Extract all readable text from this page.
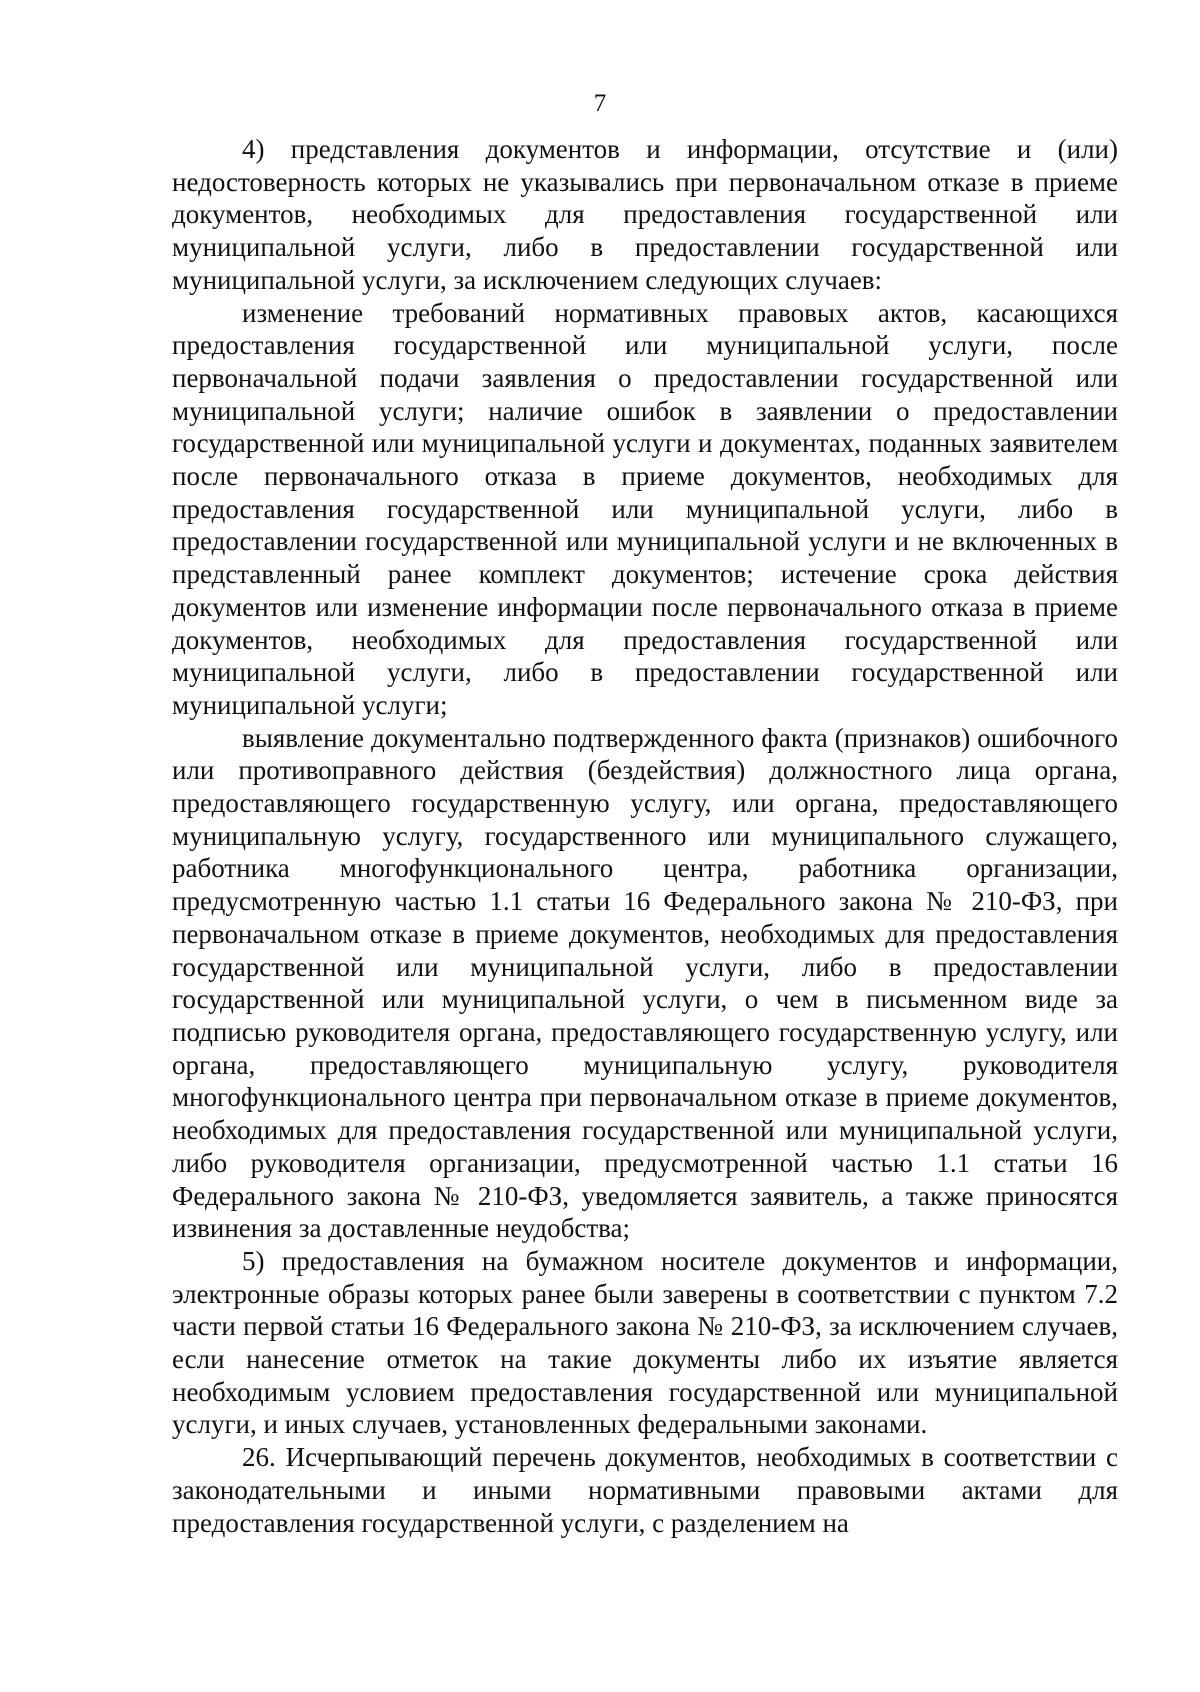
7

4) представления документов и информации, отсутствие и (или) недостоверность которых не указывались при первоначальном отказе в приеме документов, необходимых для предоставления государственной или муниципальной услуги, либо в предоставлении государственной или муниципальной услуги, за исключением следующих случаев:

изменение требований нормативных правовых актов, касающихся предоставления государственной или муниципальной услуги, после первоначальной подачи заявления о предоставлении государственной или муниципальной услуги; наличие ошибок в заявлении о предоставлении государственной или муниципальной услуги и документах, поданных заявителем после первоначального отказа в приеме документов, необходимых для предоставления государственной или муниципальной услуги, либо в предоставлении государственной или муниципальной услуги и не включенных в представленный ранее комплект документов; истечение срока действия документов или изменение информации после первоначального отказа в приеме документов, необходимых для предоставления государственной или муниципальной услуги, либо в предоставлении государственной или муниципальной услуги;

выявление документально подтвержденного факта (признаков) ошибочного или противоправного действия (бездействия) должностного лица органа, предоставляющего государственную услугу, или органа, предоставляющего муниципальную услугу, государственного или муниципального служащего, работника многофункционального центра, работника организации, предусмотренную частью 1.1 статьи 16 Федерального закона № 210-ФЗ, при первоначальном отказе в приеме документов, необходимых для предоставления государственной или муниципальной услуги, либо в предоставлении государственной или муниципальной услуги, о чем в письменном виде за подписью руководителя органа, предоставляющего государственную услугу, или органа, предоставляющего муниципальную услугу, руководителя многофункционального центра при первоначальном отказе в приеме документов, необходимых для предоставления государственной или муниципальной услуги, либо руководителя организации, предусмотренной частью 1.1 статьи 16 Федерального закона № 210-ФЗ, уведомляется заявитель, а также приносятся извинения за доставленные неудобства;

5) предоставления на бумажном носителе документов и информации, электронные образы которых ранее были заверены в соответствии с пунктом 7.2 части первой статьи 16 Федерального закона № 210-ФЗ, за исключением случаев, если нанесение отметок на такие документы либо их изъятие является необходимым условием предоставления государственной или муниципальной услуги, и иных случаев, установленных федеральными законами.

26. Исчерпывающий перечень документов, необходимых в соответствии с законодательными и иными нормативными правовыми актами для предоставления государственной услуги, с разделением на
